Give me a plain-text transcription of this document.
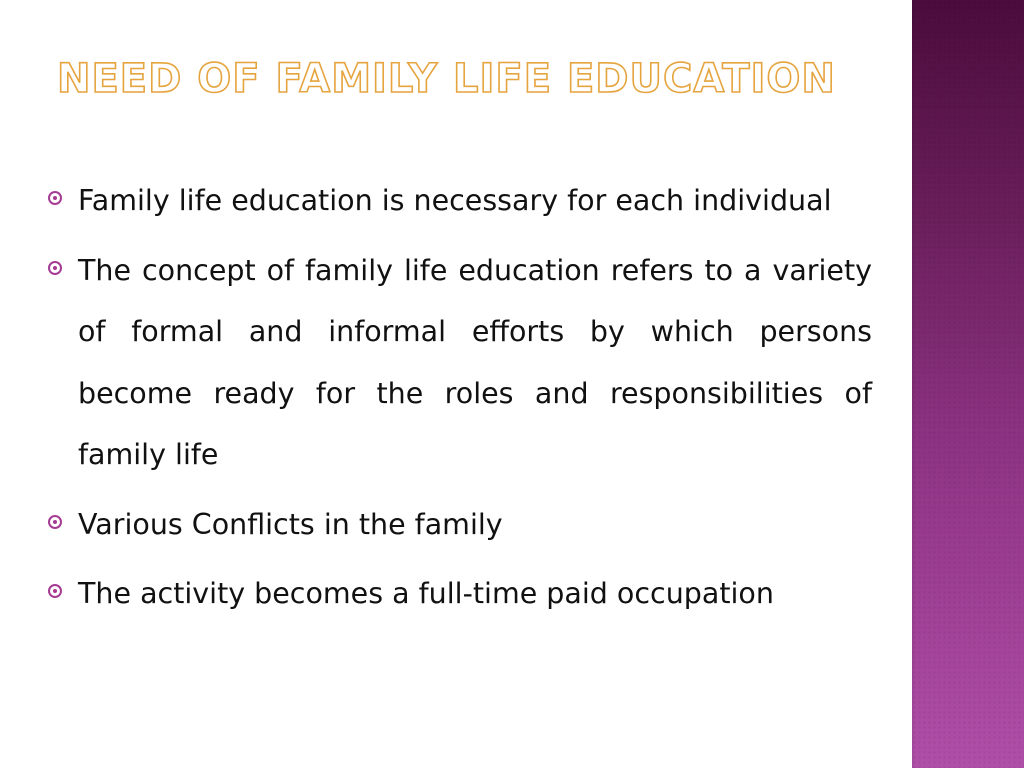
NEED OF FAMILY LIFE EDUCATION
Family life education is necessary for each individual
The concept of family life education refers to a variety of formal and informal efforts by which persons become ready for the roles and responsibilities of family life
Various Conflicts in the family
The activity becomes a full-time paid occupation
